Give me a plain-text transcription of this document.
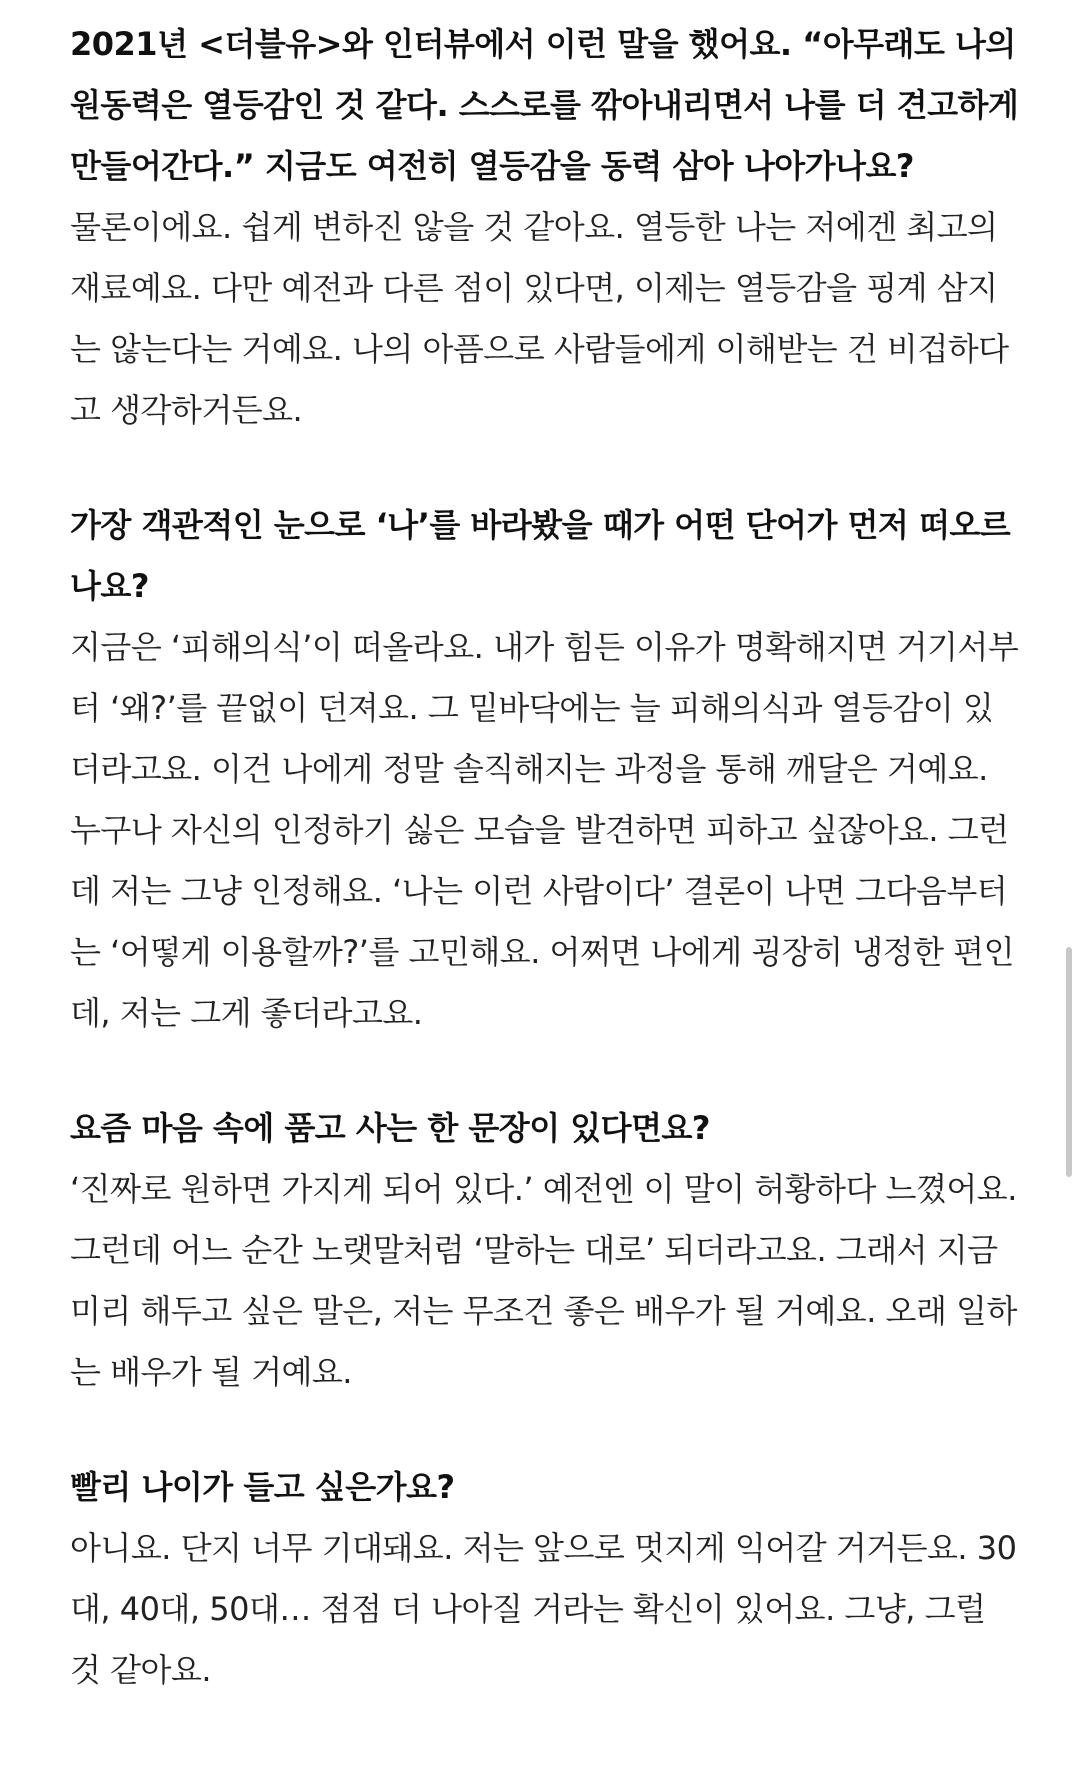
2021년 <더블유>와 인터뷰에서 이런 말을 했어요. “아무래도 나의 원동력은 열등감인 것 같다. 스스로를 깎아내리면서 나를 더 견고하게 만들어간다.” 지금도 여전히 열등감을 동력 삼아 나아가나요?

물론이에요. 쉽게 변하진 않을 것 같아요. 열등한 나는 저에겐 최고의 재료예요. 다만 예전과 다른 점이 있다면, 이제는 열등감을 핑계 삼지는 않는다는 거예요. 나의 아픔으로 사람들에게 이해받는 건 비겁하다고 생각하거든요.

가장 객관적인 눈으로 ‘나’를 바라봤을 때가 어떤 단어가 먼저 떠오르나요?

지금은 ‘피해의식’이 떠올라요. 내가 힘든 이유가 명확해지면 거기서부터 ‘왜?’를 끝없이 던져요. 그 밑바닥에는 늘 피해의식과 열등감이 있더라고요. 이건 나에게 정말 솔직해지는 과정을 통해 깨달은 거예요. 누구나 자신의 인정하기 싫은 모습을 발견하면 피하고 싶잖아요. 그런데 저는 그냥 인정해요. ‘나는 이런 사람이다’ 결론이 나면 그다음부터는 ‘어떻게 이용할까?’를 고민해요. 어쩌면 나에게 굉장히 냉정한 편인데, 저는 그게 좋더라고요.

요즘 마음 속에 품고 사는 한 문장이 있다면요?

‘진짜로 원하면 가지게 되어 있다.’ 예전엔 이 말이 허황하다 느꼈어요. 그런데 어느 순간 노랫말처럼 ‘말하는 대로’ 되더라고요. 그래서 지금 미리 해두고 싶은 말은, 저는 무조건 좋은 배우가 될 거예요. 오래 일하는 배우가 될 거예요.

빨리 나이가 들고 싶은가요?

아니요. 단지 너무 기대돼요. 저는 앞으로 멋지게 익어갈 거거든요. 30대, 40대, 50대… 점점 더 나아질 거라는 확신이 있어요. 그냥, 그럴 것 같아요.
